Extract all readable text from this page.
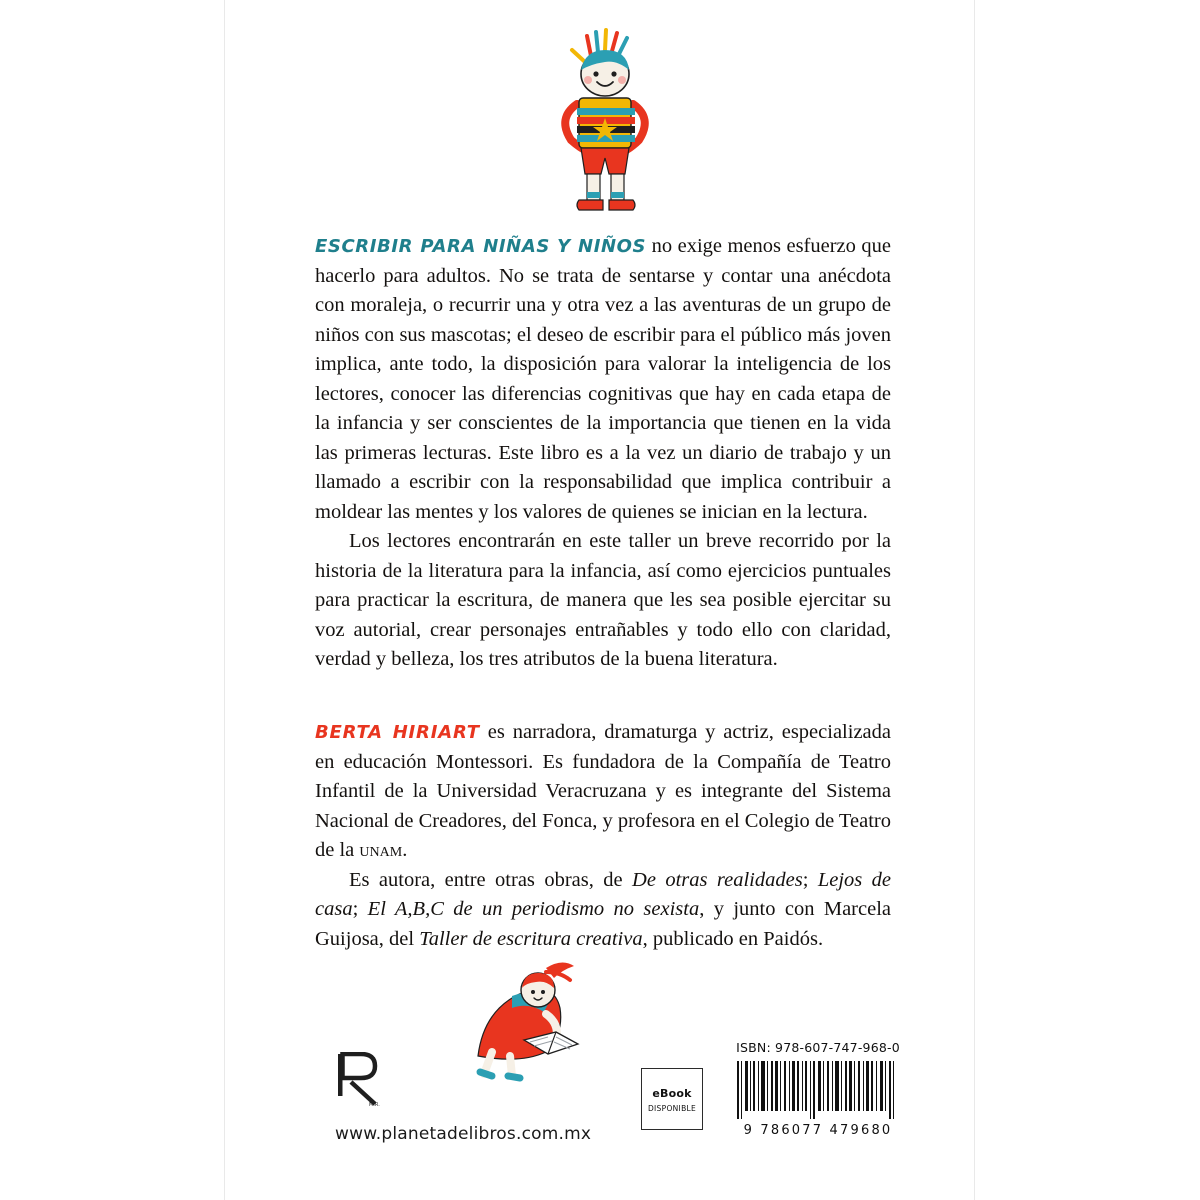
ESCRIBIR PARA NIÑAS Y NIÑOS no exige menos esfuerzo que hacerlo para adultos. No se trata de sentarse y contar una anécdota con moraleja, o recurrir una y otra vez a las aventuras de un grupo de niños con sus mascotas; el deseo de escribir para el público más joven implica, ante todo, la disposición para valorar la inteligencia de los lectores, conocer las diferencias cognitivas que hay en cada etapa de la infancia y ser conscientes de la importancia que tienen en la vida las primeras lecturas. Este libro es a la vez un diario de trabajo y un llamado a escribir con la responsabilidad que implica contribuir a moldear las mentes y los valores de quienes se inician en la lectura.

Los lectores encontrarán en este taller un breve recorrido por la historia de la literatura para la infancia, así como ejercicios puntuales para practicar la escritura, de manera que les sea posible ejercitar su voz autorial, crear personajes entrañables y todo ello con claridad, verdad y belleza, los tres atributos de la buena literatura.

BERTA HIRIART es narradora, dramaturga y actriz, especializada en educación Montessori. Es fundadora de la Compañía de Teatro Infantil de la Universidad Veracruzana y es integrante del Sistema Nacional de Creadores, del Fonca, y profesora en el Colegio de Teatro de la unam.

Es autora, entre otras obras, de De otras realidades; Lejos de casa; El A,B,C de un periodismo no sexista, y junto con Marcela Guijosa, del Taller de escritura creativa, publicado en Paidós.

M.R.
www.planetadelibros.com.mx
eBook
DISPONIBLE
ISBN: 978-607-747-968-0
9 786077 479680
